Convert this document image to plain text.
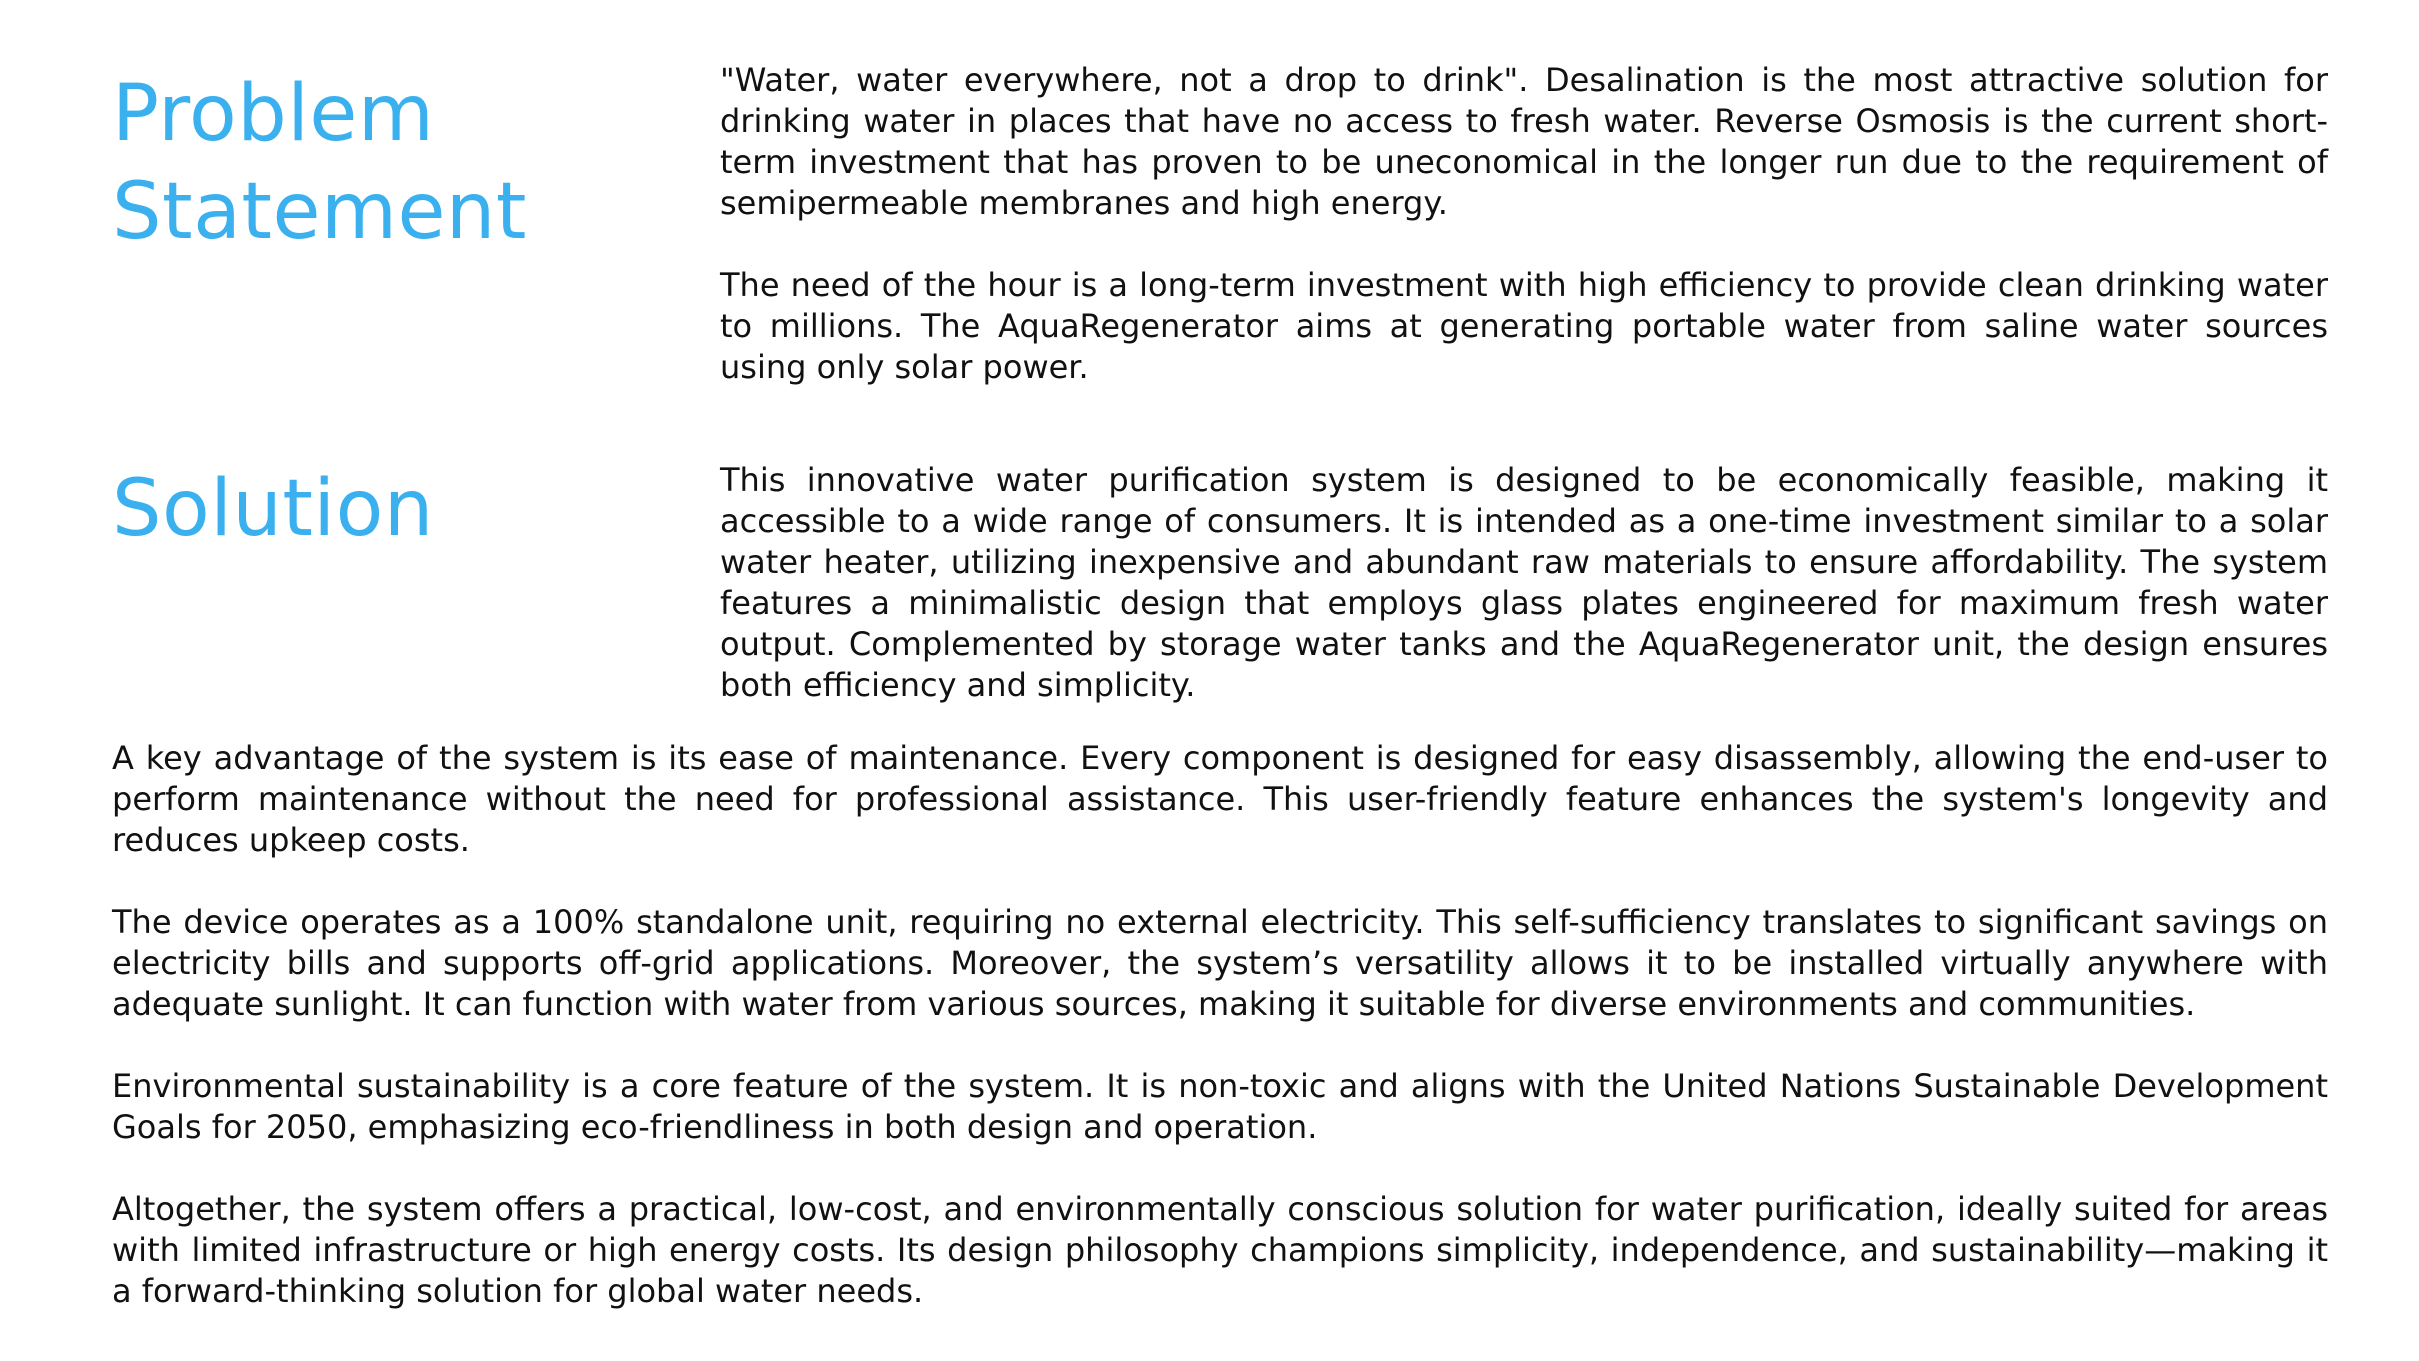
Problem
Statement

"Water, water everywhere, not a drop to drink". Desalination is the most attractive solution for drinking water in places that have no access to fresh water. Reverse Osmosis is the current short-term investment that has proven to be uneconomical in the longer run due to the requirement of semipermeable membranes and high energy.

The need of the hour is a long-term investment with high efficiency to provide clean drinking water to millions. The AquaRegenerator aims at generating portable water from saline water sources using only solar power.

Solution	This innovative water purification system is designed to be economically feasible, making it accessible to a wide range of consumers. It is intended as a one-time investment similar to a solar water heater, utilizing inexpensive and abundant raw materials to ensure affordability. The system features a minimalistic design that employs glass plates engineered for maximum fresh water output. Complemented by storage water tanks and the AquaRegenerator unit, the design ensures both efficiency and simplicity.

A key advantage of the system is its ease of maintenance. Every component is designed for easy disassembly, allowing the end-user to perform maintenance without the need for professional assistance. This user-friendly feature enhances the system's longevity and reduces upkeep costs.

The device operates as a 100% standalone unit, requiring no external electricity. This self-sufficiency translates to significant savings on electricity bills and supports off-grid applications. Moreover, the system’s versatility allows it to be installed virtually anywhere with adequate sunlight. It can function with water from various sources, making it suitable for diverse environments and communities.

Environmental sustainability is a core feature of the system. It is non-toxic and aligns with the United Nations Sustainable Development Goals for 2050, emphasizing eco-friendliness in both design and operation.

Altogether, the system offers a practical, low-cost, and environmentally conscious solution for water purification, ideally suited for areas with limited infrastructure or high energy costs. Its design philosophy champions simplicity, independence, and sustainability—making it a forward-thinking solution for global water needs.
